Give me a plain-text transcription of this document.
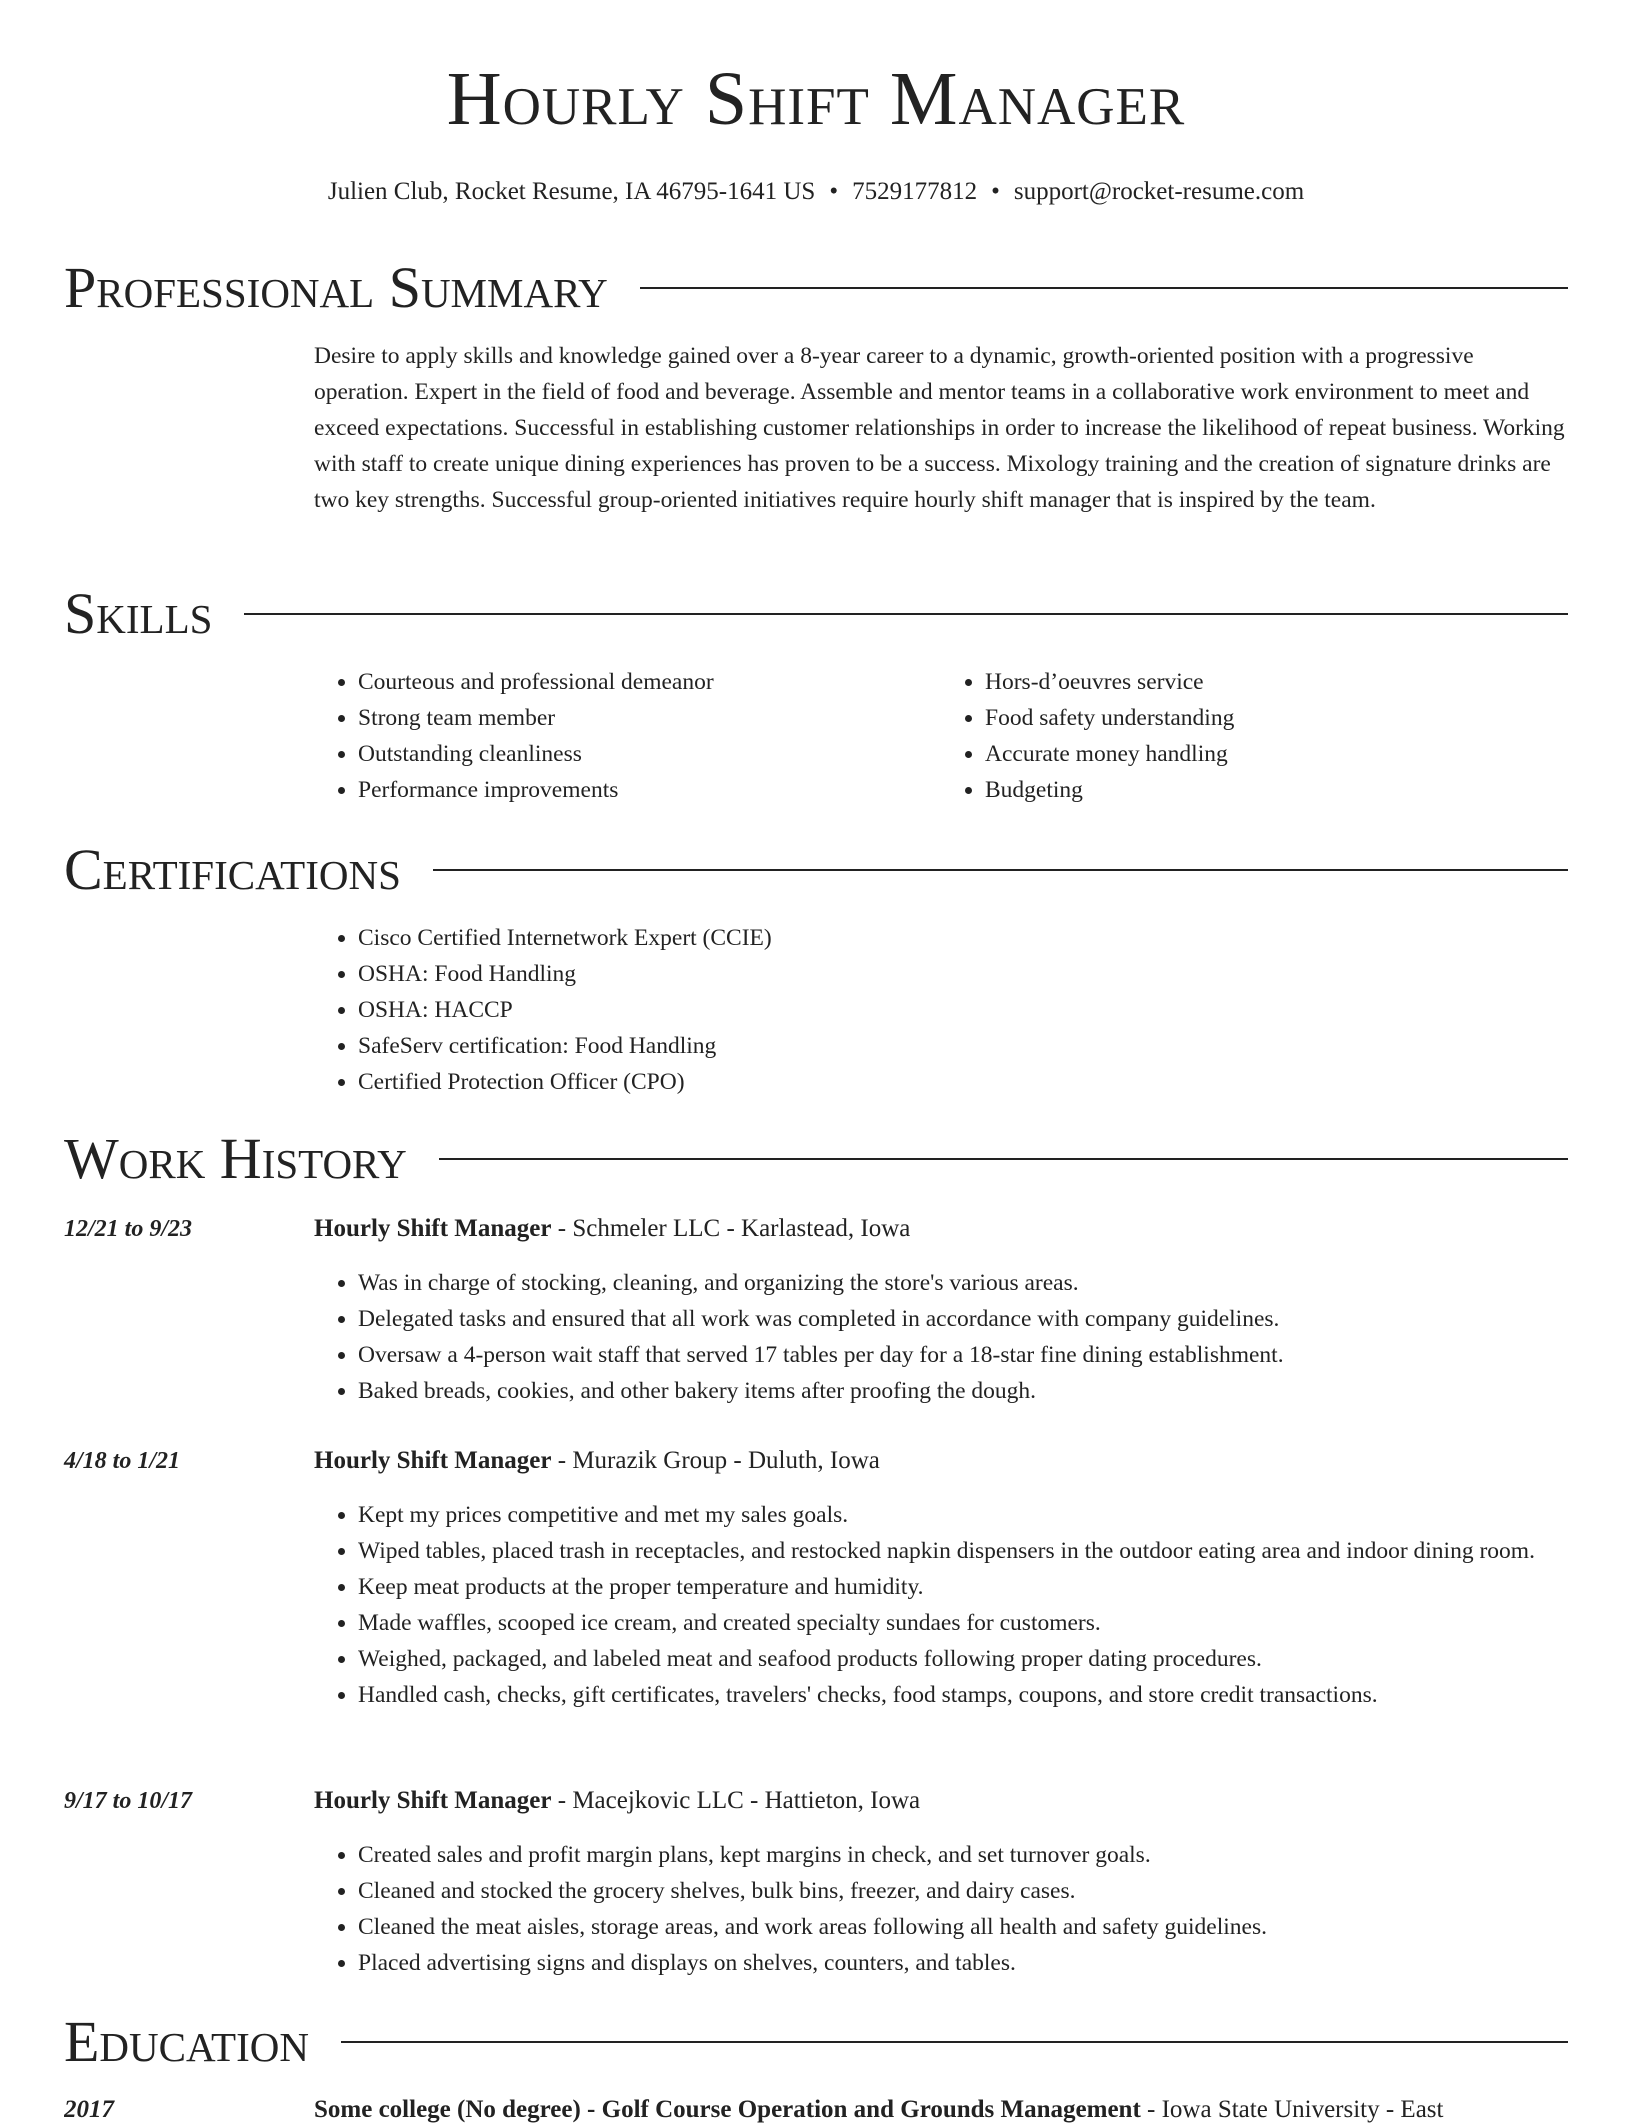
Hourly Shift Manager
Julien Club, Rocket Resume, IA 46795-1641 US • 7529177812 • support@rocket-resume.com
Professional Summary

Desire to apply skills and knowledge gained over a 8-year career to a dynamic, growth-oriented position with a progressive operation. Expert in the field of food and beverage. Assemble and mentor teams in a collaborative work environment to meet and exceed expectations. Successful in establishing customer relationships in order to increase the likelihood of repeat business. Working with staff to create unique dining experiences has proven to be a success. Mixology training and the creation of signature drinks are two key strengths. Successful group-oriented initiatives require hourly shift manager that is inspired by the team.

Skills
• Courteous and professional demeanor
• Strong team member
• Outstanding cleanliness
• Performance improvements
• Hors-d’oeuvres service
• Food safety understanding
• Accurate money handling
• Budgeting
Certifications
• Cisco Certified Internetwork Expert (CCIE)
• OSHA: Food Handling
• OSHA: HACCP
• SafeServ certification: Food Handling
• Certified Protection Officer (CPO)
Work History
12/21 to 9/23	Hourly Shift Manager - Schmeler LLC - Karlastead, Iowa
• Was in charge of stocking, cleaning, and organizing the store's various areas.
• Delegated tasks and ensured that all work was completed in accordance with company guidelines.
• Oversaw a 4-person wait staff that served 17 tables per day for a 18-star fine dining establishment.
• Baked breads, cookies, and other bakery items after proofing the dough.
4/18 to 1/21	Hourly Shift Manager - Murazik Group - Duluth, Iowa
• Kept my prices competitive and met my sales goals.
• Wiped tables, placed trash in receptacles, and restocked napkin dispensers in the outdoor eating area and indoor dining room.
• Keep meat products at the proper temperature and humidity.
• Made waffles, scooped ice cream, and created specialty sundaes for customers.
• Weighed, packaged, and labeled meat and seafood products following proper dating procedures.
• Handled cash, checks, gift certificates, travelers' checks, food stamps, coupons, and store credit transactions.
9/17 to 10/17	Hourly Shift Manager - Macejkovic LLC - Hattieton, Iowa
• Created sales and profit margin plans, kept margins in check, and set turnover goals.
• Cleaned and stocked the grocery shelves, bulk bins, freezer, and dairy cases.
• Cleaned the meat aisles, storage areas, and work areas following all health and safety guidelines.
• Placed advertising signs and displays on shelves, counters, and tables.
Education
2017	Some college (No degree) - Golf Course Operation and Grounds Management - Iowa State University - East
